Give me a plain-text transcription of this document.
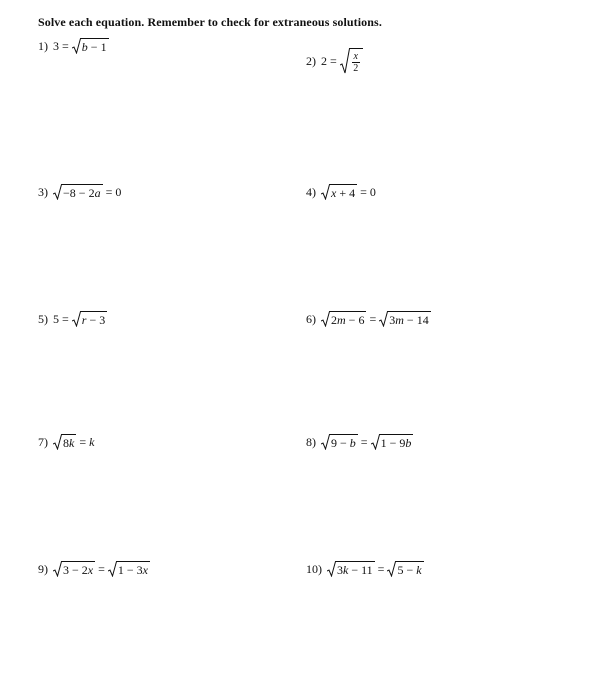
Solve each equation. Remember to check for extraneous solutions.
1) 3 = b − 1
2) $2 = \frac{x}{2}$
3) −8 − 2a = 0	4) x + 4 = 0
5) 5 = r − 3	6) 2m − 6 = 3m − 14
7) 8k = k	8) 9 − b = 1 − 9b
9) 3 − 2x = 1 − 3x	10) 3k − 11 = 5 − k
